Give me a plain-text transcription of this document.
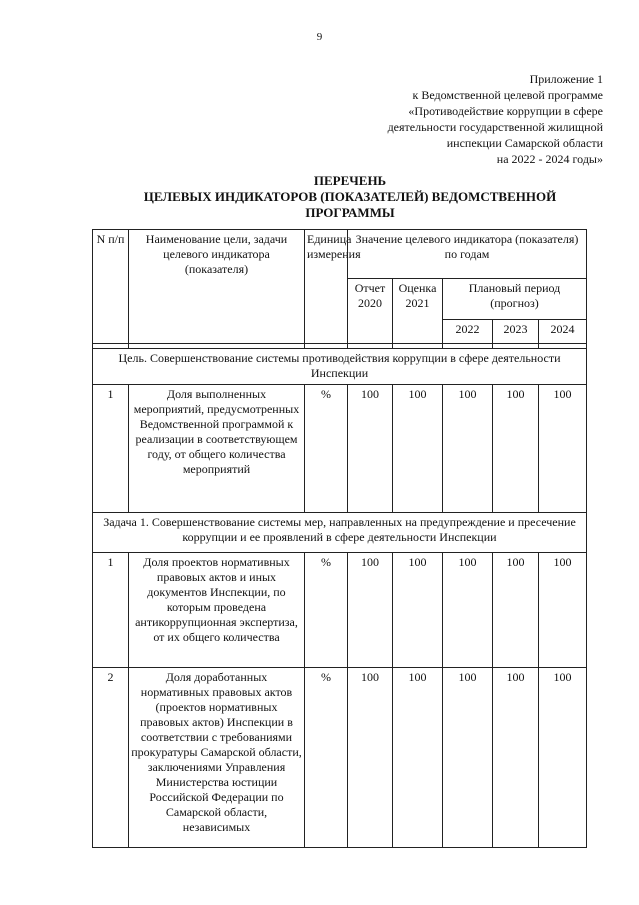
9
Приложение 1
к Ведомственной целевой программе
«Противодействие коррупции в сфере
деятельности государственной жилищной
инспекции Самарской области
на 2022 - 2024 годы»
ПЕРЕЧЕНЬ
ЦЕЛЕВЫХ ИНДИКАТОРОВ (ПОКАЗАТЕЛЕЙ) ВЕДОМСТВЕННОЙ
ПРОГРАММЫ
N п/п	Наименование цели, задачи целевого индикатора (показателя)	Единица измерения	Значение целевого индикатора (показателя) по годам				
			Отчет 2020	Оценка 2021	Плановый период (прогноз)		
					2022	2023	2024

Цель. Совершенствование системы противодействия коррупции в сфере деятельности Инспекции							
1	Доля выполненных мероприятий, предусмотренных Ведомственной программой к реализации в соответствующем году, от общего количества мероприятий	%	100	100	100	100	100
Задача 1. Совершенствование системы мер, направленных на предупреждение и пресечение коррупции и ее проявлений в сфере деятельности Инспекции							
1	Доля проектов нормативных правовых актов и иных документов Инспекции, по которым проведена антикоррупционная экспертиза, от их общего количества	%	100	100	100	100	100
2	Доля доработанных нормативных правовых актов (проектов нормативных правовых актов) Инспекции в соответствии с требованиями прокуратуры Самарской области, заключениями Управления Министерства юстиции Российской Федерации по Самарской области, независимых	%	100	100	100	100	100
